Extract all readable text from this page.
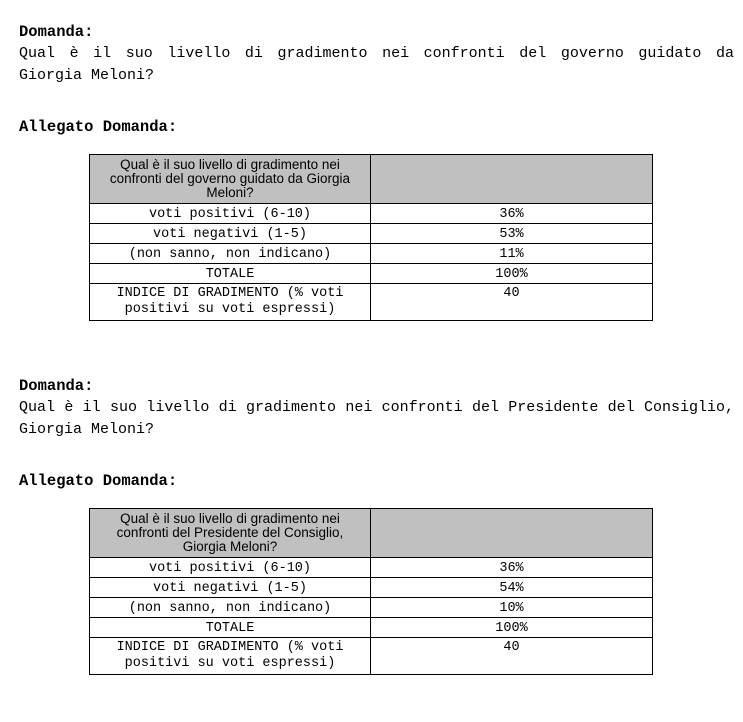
Domanda:

Qual è il suo livello di gradimento nei confronti del governo guidato da Giorgia Meloni?

Allegato Domanda:

Qual è il suo livello di gradimento nei confronti del governo guidato da Giorgia Meloni?	
voti positivi (6-10)	36%
voti negativi (1-5)	53%
(non sanno, non indicano)	11%
TOTALE	100%
INDICE DI GRADIMENTO (% voti positivi su voti espressi)	40

Domanda:

Qual è il suo livello di gradimento nei confronti del Presidente del Consiglio, Giorgia Meloni?

Allegato Domanda:

Qual è il suo livello di gradimento nei confronti del Presidente del Consiglio, Giorgia Meloni?	
voti positivi (6-10)	36%
voti negativi (1-5)	54%
(non sanno, non indicano)	10%
TOTALE	100%
INDICE DI GRADIMENTO (% voti positivi su voti espressi)	40
